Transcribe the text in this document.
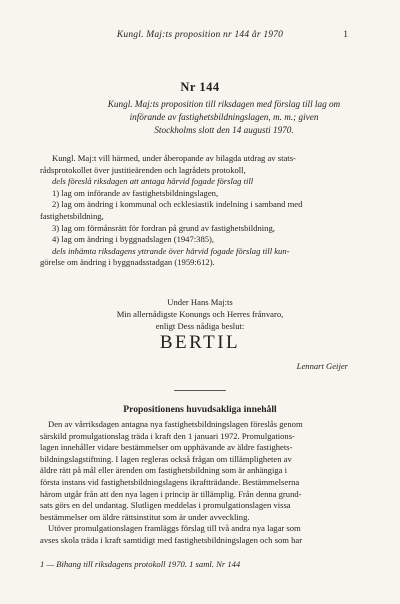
Kungl. Maj:ts proposition nr 144 år 1970	1
Nr 144
Kungl. Maj:ts proposition till riksdagen med förslag till lag om
införande av fastighetsbildningslagen, m. m.; given
Stockholms slott den 14 augusti 1970.
Kungl. Maj:t vill härmed, under åberopande av bilagda utdrag av stats-
rådsprotokollet över justitieärenden och lagrådets protokoll,
dels föreslå riksdagen att antaga härvid fogade förslag till
1) lag om införande av fastighetsbildningslagen,
2) lag om ändring i kommunal och ecklesiastik indelning i samband med
fastighetsbildning,
3) lag om förmånsrätt för fordran på grund av fastighetsbildning,
4) lag om ändring i byggnadslagen (1947:385),
dels inhämta riksdagens yttrande över härvid fogade förslag till kun-
görelse om ändring i byggnadsstadgan (1959:612).
Under Hans Maj:ts
Min allernådigste Konungs och Herres frånvaro,
enligt Dess nådiga beslut:
BERTIL
Lennart Geijer
Propositionens huvudsakliga innehåll
Den av vårriksdagen antagna nya fastighetsbildningslagen föreslås genom
särskild promulgationslag träda i kraft den 1 januari 1972. Promulgations-
lagen innehåller vidare bestämmelser om upphävande av äldre fastighets-
bildningslagstiftning. I lagen regleras också frågan om tillämpligheten av
äldre rätt på mål eller ärenden om fastighetsbildning som är anhängiga i
första instans vid fastighetsbildningslagens ikraftträdande. Bestämmelserna
härom utgår från att den nya lagen i princip är tillämplig. Från denna grund-
sats görs en del undantag. Slutligen meddelas i promulgationslagen vissa
bestämmelser om äldre rättsinstitut som är under avveckling.
Utöver promulgationslagen framläggs förslag till två andra nya lagar som
avses skola träda i kraft samtidigt med fastighetsbildningslagen och som har
1 — Bihang till riksdagens protokoll 1970. 1 saml. Nr 144
